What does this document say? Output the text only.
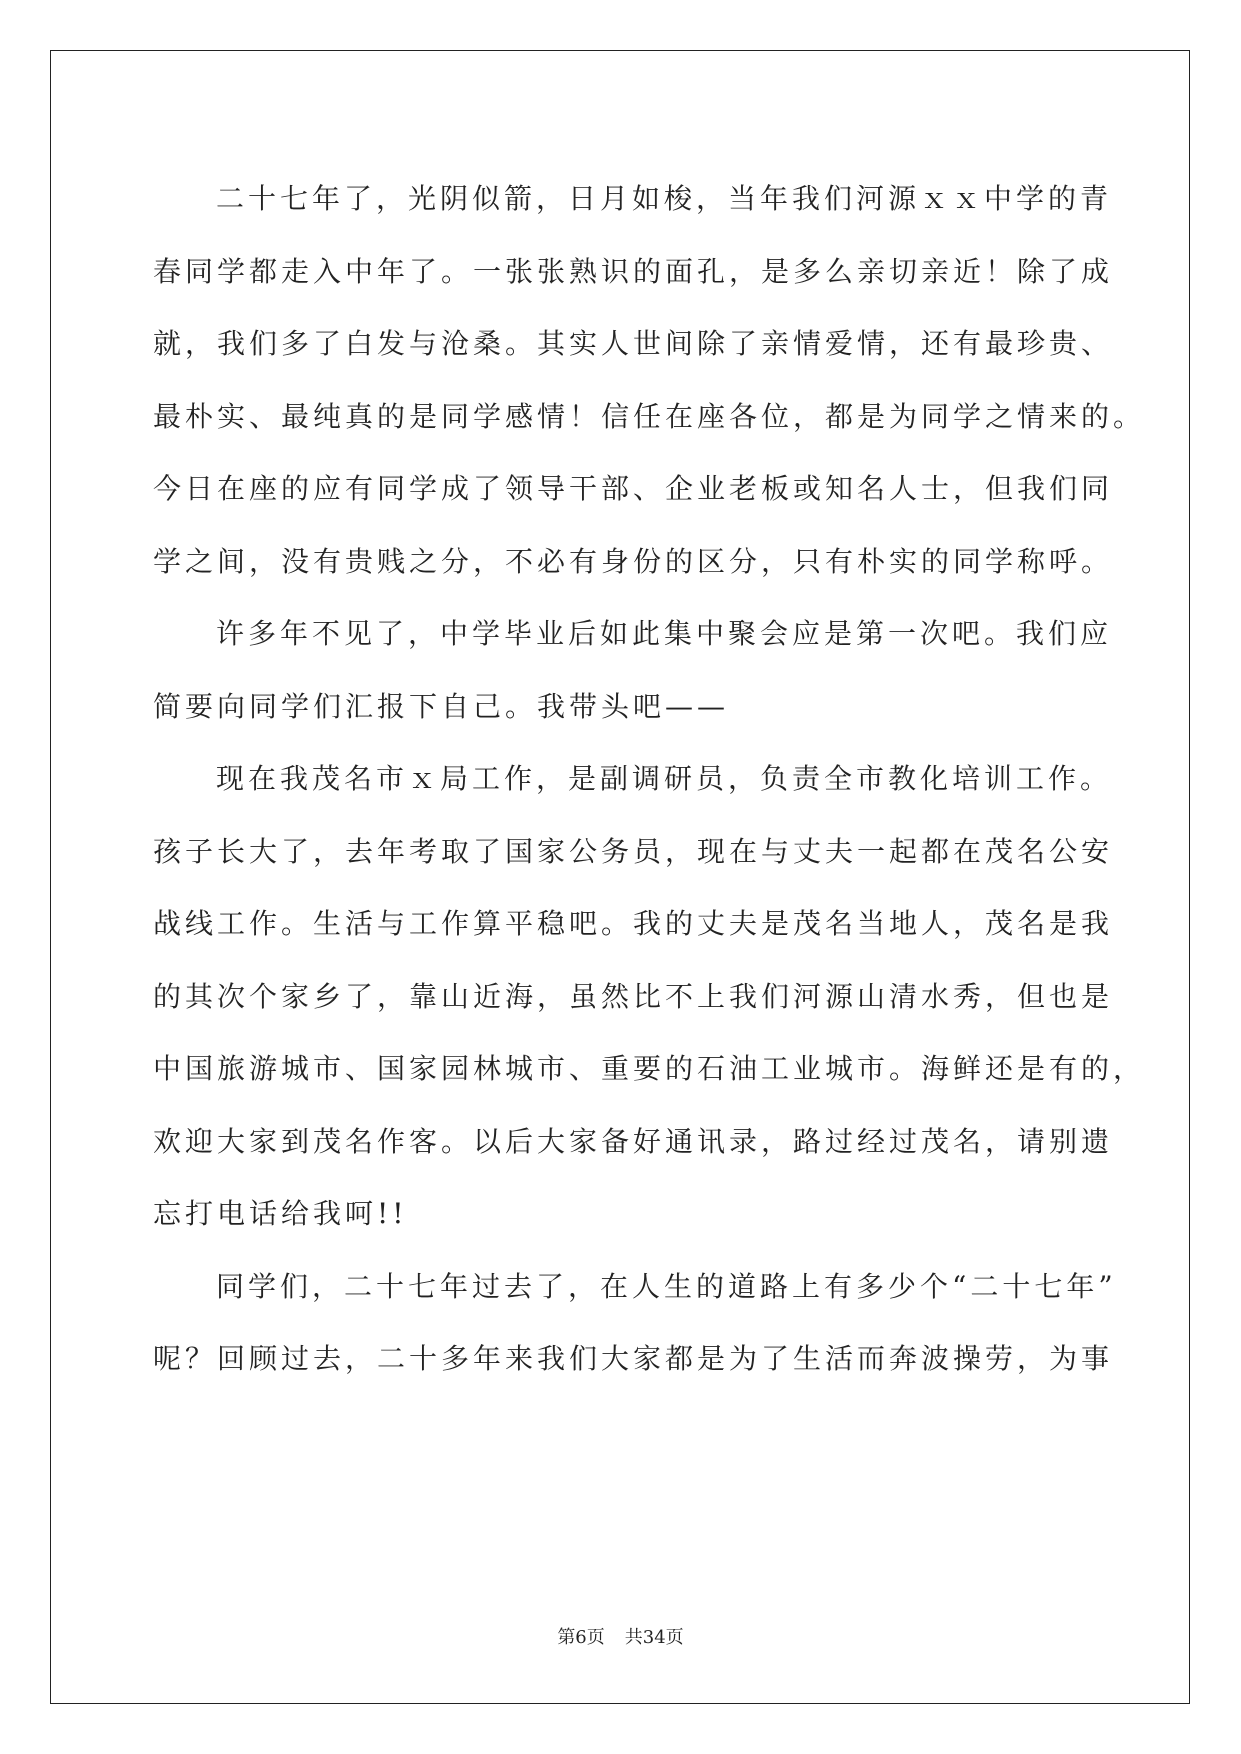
二十七年了，光阴似箭，日月如梭，当年我们河源ｘｘ中学的青
春同学都走入中年了。一张张熟识的面孔，是多么亲切亲近！除了成
就，我们多了白发与沧桑。其实人世间除了亲情爱情，还有最珍贵、
最朴实、最纯真的是同学感情！信任在座各位，都是为同学之情来的。
今日在座的应有同学成了领导干部、企业老板或知名人士，但我们同
学之间，没有贵贱之分，不必有身份的区分，只有朴实的同学称呼。
许多年不见了，中学毕业后如此集中聚会应是第一次吧。我们应
简要向同学们汇报下自己。我带头吧——
现在我茂名市ｘ局工作，是副调研员，负责全市教化培训工作。
孩子长大了，去年考取了国家公务员，现在与丈夫一起都在茂名公安
战线工作。生活与工作算平稳吧。我的丈夫是茂名当地人，茂名是我
的其次个家乡了，靠山近海，虽然比不上我们河源山清水秀，但也是
中国旅游城市、国家园林城市、重要的石油工业城市。海鲜还是有的，
欢迎大家到茂名作客。以后大家备好通讯录，路过经过茂名，请别遗
忘打电话给我呵!!
同学们，二十七年过去了，在人生的道路上有多少个“二十七年”
呢？回顾过去，二十多年来我们大家都是为了生活而奔波操劳，为事
第6页 共34页
